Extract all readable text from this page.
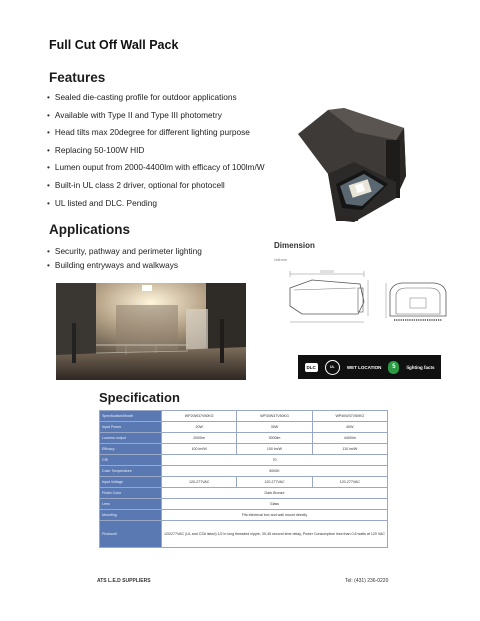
Full Cut Off Wall Pack
Features
• Sealed die-casting profile for outdoor applications
• Available with Type II and Type III photometry
• Head tilts max 20degree for different lighting purpose
• Replacing 50-100W HID
• Lumen ouput from 2000-4400lm with efficacy of 100lm/W
• Built-in UL class 2 driver, optional for photocell
• UL listed and DLC. Pending
Applications
• Security, pathway and perimeter lighting
• Building entryways and walkways
Dimension
Unit:mm
DLC	UL	WET LOCATION	5	lighting facts
Specification
Specification/Model	WP20W37V50KG	WP30W37V50KG	WP40W37V50KG
Input Power	20W	30W	40W
Lumens output	2000lm	3000lm	4400lm
Efficacy	100 lm/W	100 lm/W	110 lm/W
CRI	70		
Color Temperature	5000K		
Input Voltage	120-277VAC	120-277VAC	120-277VAC
Finish Color	Dark Bronze		
Lens	Glass		
Mounting	Fits electrical box and wall mount directly		
Photocell	120/277VAC (UL and CSA listed) 1/2 in long threaded nipple, 30-45 second time delay, Power Consumption less than 0.8 watts at 120 VAC		
ATS L.E.D SUPPLIERS	Tel: (431) 236-0220
